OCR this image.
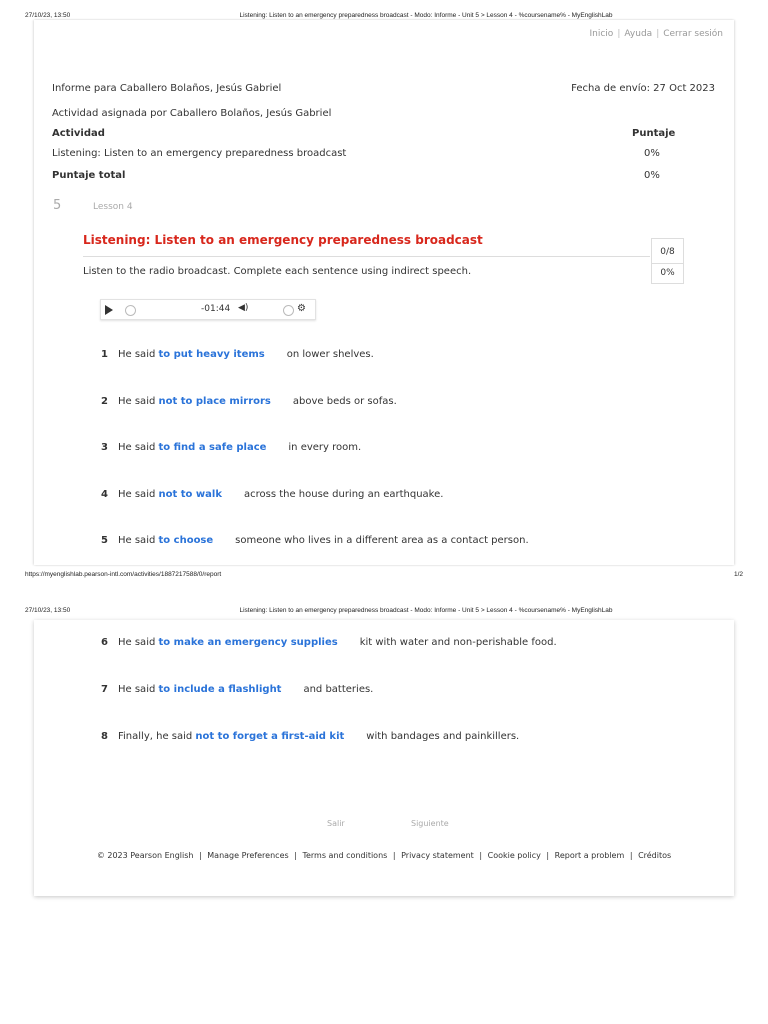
27/10/23, 13:50	Listening: Listen to an emergency preparedness broadcast - Modo: Informe - Unit 5 > Lesson 4 - %coursename% - MyEnglishLab
Inicio | Ayuda | Cerrar sesión
Informe para Caballero Bolaños, Jesús Gabriel	Fecha de envío: 27 Oct 2023
Actividad asignada por Caballero Bolaños, Jesús Gabriel
Actividad	Puntaje
Listening: Listen to an emergency preparedness broadcast	0%
Puntaje total	0%
5	Lesson 4
Listening: Listen to an emergency preparedness broadcast
0/8
0%
Listen to the radio broadcast. Complete each sentence using indirect speech.
-01:44 ◀)	⚙
1 He said to put heavy items on lower shelves.
2 He said not to place mirrors above beds or sofas.
3 He said to find a safe place in every room.
4 He said not to walk across the house during an earthquake.
5 He said to choose someone who lives in a different area as a contact person.
https://myenglishlab.pearson-intl.com/activities/1887217588/0/report	1/2
27/10/23, 13:50	Listening: Listen to an emergency preparedness broadcast - Modo: Informe - Unit 5 > Lesson 4 - %coursename% - MyEnglishLab
6 He said to make an emergency supplies kit with water and non-perishable food.
7 He said to include a flashlight and batteries.
8 Finally, he said not to forget a first-aid kit with bandages and painkillers.
Salir	Siguiente
© 2023 Pearson English | Manage Preferences | Terms and conditions | Privacy statement | Cookie policy | Report a problem | Créditos
